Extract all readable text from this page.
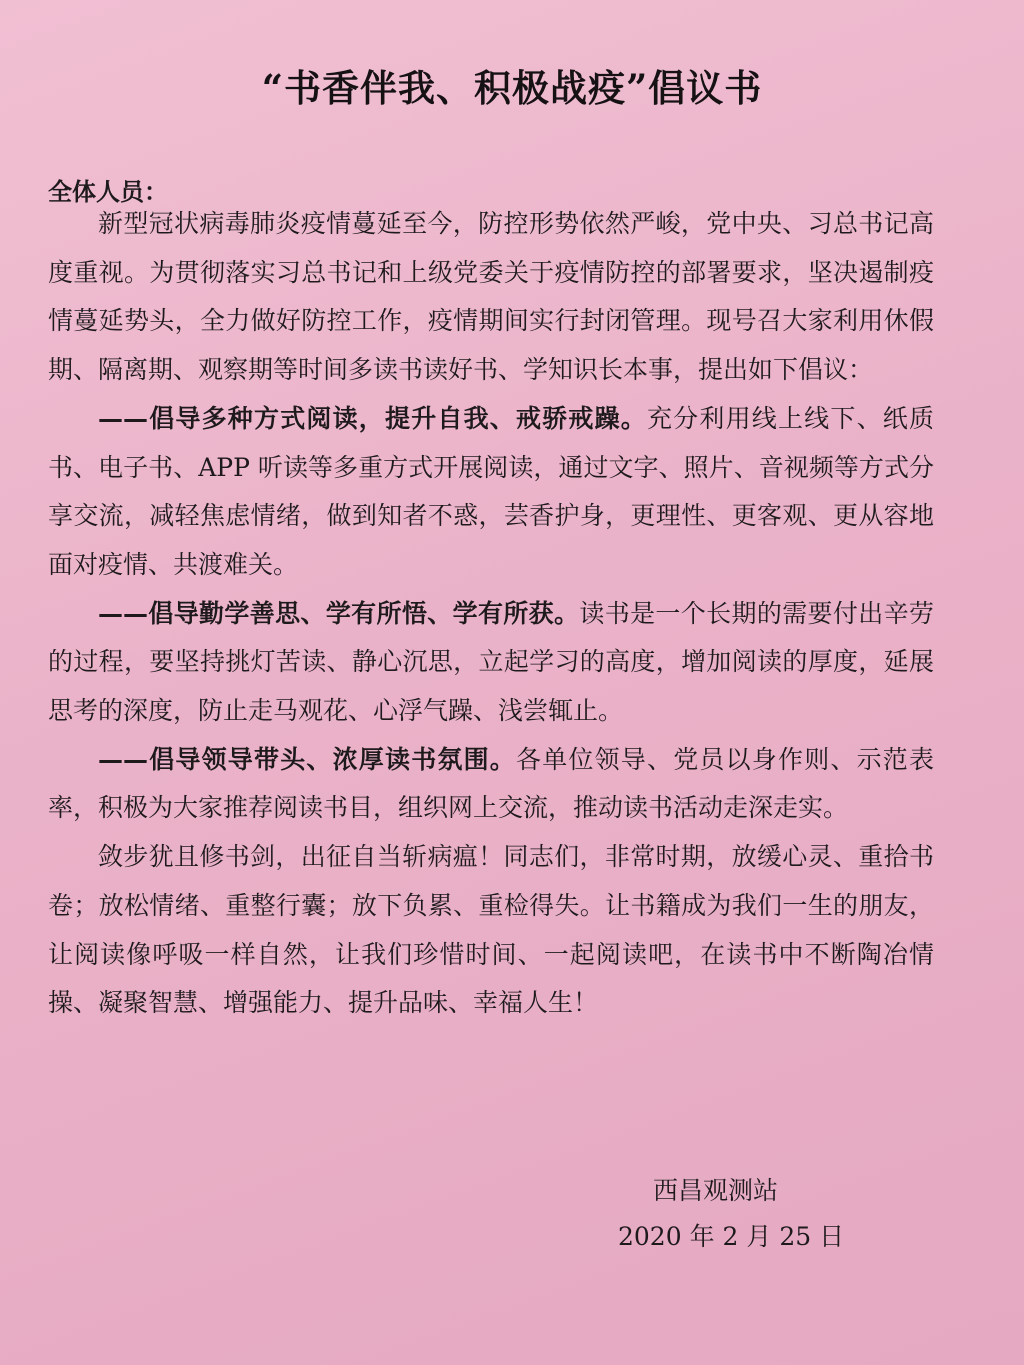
“书香伴我、积极战疫”倡议书
全体人员：

新型冠状病毒肺炎疫情蔓延至今，防控形势依然严峻，党中央、习总书记高度重视。为贯彻落实习总书记和上级党委关于疫情防控的部署要求，坚决遏制疫情蔓延势头，全力做好防控工作，疫情期间实行封闭管理。现号召大家利用休假期、隔离期、观察期等时间多读书读好书、学知识长本事，提出如下倡议：

——倡导多种方式阅读，提升自我、戒骄戒躁。充分利用线上线下、纸质书、电子书、APP 听读等多重方式开展阅读，通过文字、照片、音视频等方式分享交流，减轻焦虑情绪，做到知者不惑，芸香护身，更理性、更客观、更从容地面对疫情、共渡难关。

——倡导勤学善思、学有所悟、学有所获。读书是一个长期的需要付出辛劳的过程，要坚持挑灯苦读、静心沉思，立起学习的高度，增加阅读的厚度，延展思考的深度，防止走马观花、心浮气躁、浅尝辄止。

——倡导领导带头、浓厚读书氛围。各单位领导、党员以身作则、示范表率，积极为大家推荐阅读书目，组织网上交流，推动读书活动走深走实。

敛步犹且修书剑，出征自当斩病瘟！同志们，非常时期，放缓心灵、重拾书卷；放松情绪、重整行囊；放下负累、重检得失。让书籍成为我们一生的朋友，让阅读像呼吸一样自然，让我们珍惜时间、一起阅读吧，在读书中不断陶冶情操、凝聚智慧、增强能力、提升品味、幸福人生！

西昌观测站
2020 年 2 月 25 日
